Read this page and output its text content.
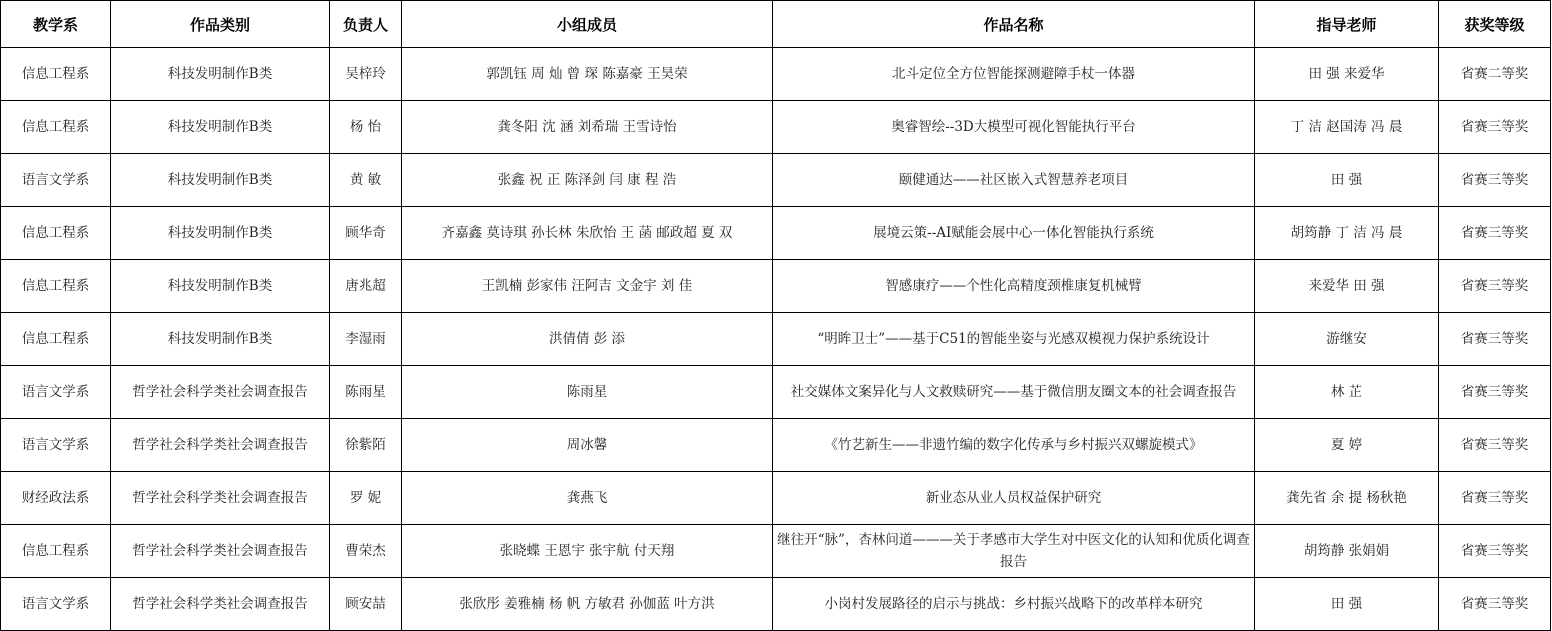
教学系	作品类别	负责人	小组成员	作品名称	指导老师	获奖等级
信息工程系	科技发明制作B类	吴梓玲	郭凯钰 周 灿 曾 琛 陈嘉豪 王昊荣	北斗定位全方位智能探测避障手杖一体器	田 强 来爱华	省赛二等奖
信息工程系	科技发明制作B类	杨 怡	龚冬阳 沈 涵 刘希瑞 王雪诗怡	奥睿智绘--3D大模型可视化智能执行平台	丁 洁 赵国涛 冯 晨	省赛三等奖
语言文学系	科技发明制作B类	黄 敏	张鑫 祝 正 陈泽剑 闫 康 程 浩	颐健通达——社区嵌入式智慧养老项目	田 强	省赛三等奖
信息工程系	科技发明制作B类	顾华奇	齐嘉鑫 莫诗琪 孙长林 朱欣怡 王 菡 邮政超 夏 双	展境云策--AI赋能会展中心一体化智能执行系统	胡筠静 丁 洁 冯 晨	省赛三等奖
信息工程系	科技发明制作B类	唐兆超	王凯楠 彭家伟 汪阿吉 文金宇 刘 佳	智感康疗——个性化高精度颈椎康复机械臂	来爱华 田 强	省赛三等奖
信息工程系	科技发明制作B类	李湿雨	洪倩倩 彭 添	“明眸卫士”——基于C51的智能坐姿与光感双模视力保护系统设计	游继安	省赛三等奖
语言文学系	哲学社会科学类社会调查报告	陈雨星	陈雨星	社交媒体文案异化与人文救赎研究——基于微信朋友圈文本的社会调查报告	林 芷	省赛三等奖
语言文学系	哲学社会科学类社会调查报告	徐紫陌	周冰馨	《竹艺新生——非遗竹编的数字化传承与乡村振兴双螺旋模式》	夏 婷	省赛三等奖
财经政法系	哲学社会科学类社会调查报告	罗 妮	龚燕飞	新业态从业人员权益保护研究	龚先省 余 提 杨秋艳	省赛三等奖
信息工程系	哲学社会科学类社会调查报告	曹荣杰	张晓蝶 王恩宇 张宇航 付天翔	继往开“脉”，杏林问道———关于孝感市大学生对中医文化的认知和优质化调查报告	胡筠静 张娟娟	省赛三等奖
语言文学系	哲学社会科学类社会调查报告	顾安喆	张欣彤 姜雅楠 杨 帆 方敏君 孙伽蓝 叶方洪	小岗村发展路径的启示与挑战：乡村振兴战略下的改革样本研究	田 强	省赛三等奖
